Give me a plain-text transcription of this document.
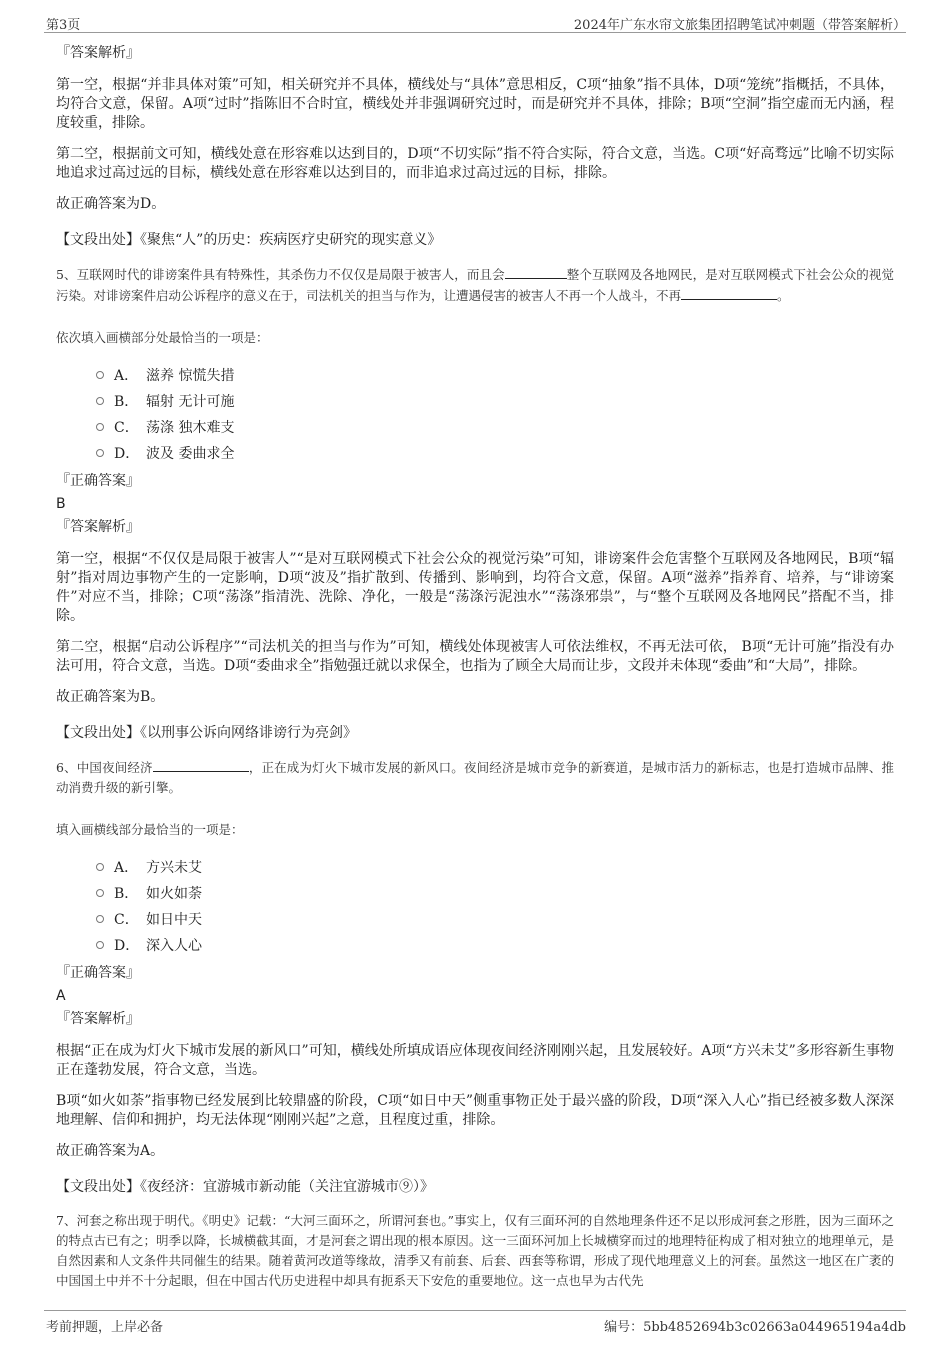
第3页	2024年广东水帘文旅集团招聘笔试冲刺题（带答案解析）
『答案解析』

第一空，根据“并非具体对策”可知，相关研究并不具体，横线处与“具体”意思相反，C项“抽象”指不具体，D项“笼统”指概括，不具体，均符合文意，保留。A项“过时”指陈旧不合时宜，横线处并非强调研究过时，而是研究并不具体，排除；B项“空洞”指空虚而无内涵，程度较重，排除。

第二空，根据前文可知，横线处意在形容难以达到目的，D项“不切实际”指不符合实际，符合文意，当选。C项“好高骛远”比喻不切实际地追求过高过远的目标，横线处意在形容难以达到目的，而非追求过高过远的目标，排除。

故正确答案为D。

【文段出处】《聚焦“人”的历史：疾病医疗史研究的现实意义》

5、互联网时代的诽谤案件具有特殊性，其杀伤力不仅仅是局限于被害人，而且会	整个互联网及各地网民，是对互联网模式下社会公众的视觉污染。对诽谤案件启动公诉程序的意义在于，司法机关的担当与作为，让遭遇侵害的被害人不再一个人战斗，不再	。

依次填入画横部分处最恰当的一项是：
A． 滋养 惊慌失措
B． 辐射 无计可施
C． 荡涤 独木难支
D． 波及 委曲求全
『正确答案』
B
『答案解析』

第一空，根据“不仅仅是局限于被害人”“是对互联网模式下社会公众的视觉污染”可知，诽谤案件会危害整个互联网及各地网民，B项“辐射”指对周边事物产生的一定影响，D项“波及”指扩散到、传播到、影响到，均符合文意，保留。A项“滋养”指养育、培养，与“诽谤案件”对应不当，排除；C项“荡涤”指清洗、洗除、净化，一般是“荡涤污泥浊水”“荡涤邪祟”，与“整个互联网及各地网民”搭配不当，排除。

第二空，根据“启动公诉程序”“司法机关的担当与作为”可知，横线处体现被害人可依法维权，不再无法可依， B项“无计可施”指没有办法可用，符合文意，当选。D项“委曲求全”指勉强迁就以求保全，也指为了顾全大局而让步，文段并未体现“委曲”和“大局”，排除。

故正确答案为B。

【文段出处】《以刑事公诉向网络诽谤行为亮剑》

6、中国夜间经济	，正在成为灯火下城市发展的新风口。夜间经济是城市竞争的新赛道，是城市活力的新标志，也是打造城市品牌、推动消费升级的新引擎。

填入画横线部分最恰当的一项是：
A． 方兴未艾
B． 如火如荼
C． 如日中天
D． 深入人心
『正确答案』
A
『答案解析』

根据“正在成为灯火下城市发展的新风口”可知，横线处所填成语应体现夜间经济刚刚兴起，且发展较好。A项“方兴未艾”多形容新生事物正在蓬勃发展，符合文意，当选。

B项“如火如荼”指事物已经发展到比较鼎盛的阶段，C项“如日中天”侧重事物正处于最兴盛的阶段，D项“深入人心”指已经被多数人深深地理解、信仰和拥护，均无法体现“刚刚兴起”之意，且程度过重，排除。

故正确答案为A。

【文段出处】《夜经济：宜游城市新动能（关注宜游城市⑨）》

7、河套之称出现于明代。《明史》记载：“大河三面环之，所谓河套也。”事实上，仅有三面环河的自然地理条件还不足以形成河套之形胜，因为三面环之的特点古已有之；明季以降，长城横截其面，才是河套之谓出现的根本原因。这一三面环河加上长城横穿而过的地理特征构成了相对独立的地理单元，是自然因素和人文条件共同催生的结果。随着黄河改道等缘故，清季又有前套、后套、西套等称谓，形成了现代地理意义上的河套。虽然这一地区在广袤的中国国土中并不十分起眼，但在中国古代历史进程中却具有扼系天下安危的重要地位。这一点也早为古代先

考前押题，上岸必备	编号：5bb4852694b3c02663a044965194a4db
